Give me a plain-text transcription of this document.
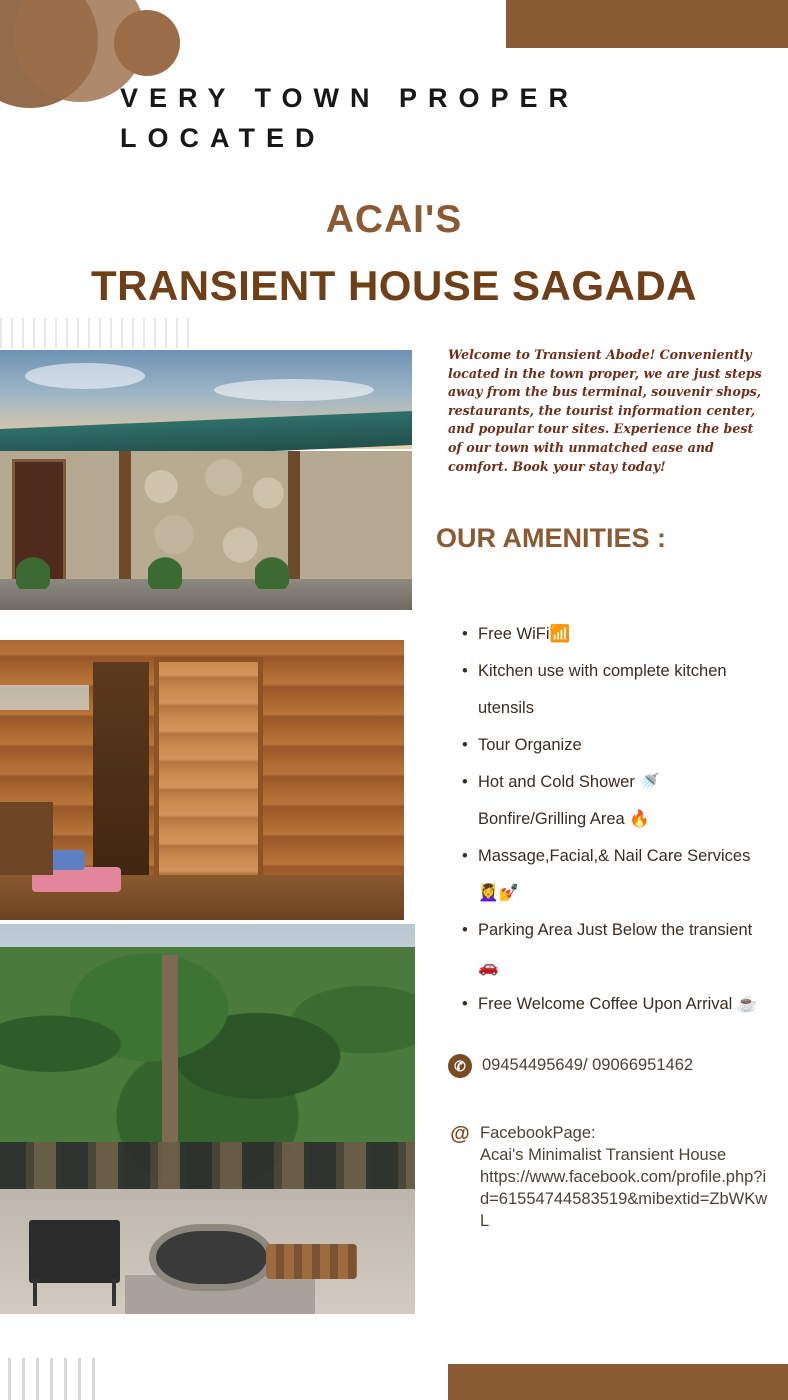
VERY TOWN PROPER LOCATED
ACAI'S
TRANSIENT HOUSE SAGADA
Welcome to Transient Abode! Conveniently located in the town proper, we are just steps away from the bus terminal, souvenir shops, restaurants, the tourist information center, and popular tour sites. Experience the best of our town with unmatched ease and comfort. Book your stay today!
OUR AMENITIES :
• Free WiFi📶
• Kitchen use with complete kitchen utensils
• Tour Organize
• Hot and Cold Shower 🚿 Bonfire/Grilling Area 🔥
• Massage,Facial,& Nail Care Services 💆‍♀️💅
• Parking Area Just Below the transient 🚗
• Free Welcome Coffee Upon Arrival ☕
✆ 09454495649/ 09066951462
@ FacebookPage:
Acai's Minimalist Transient House
https://www.facebook.com/profile.php?id=61554744583519&mibextid=ZbWKwL
